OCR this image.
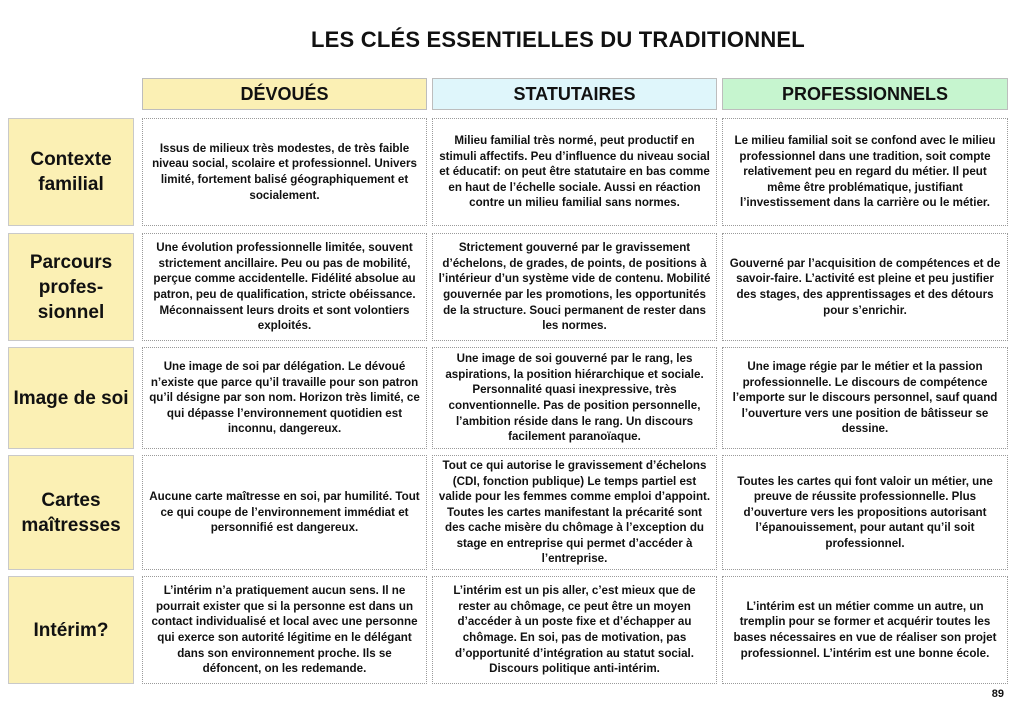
LES CLÉS ESSENTIELLES DU TRADITIONNEL
DÉVOUÉS	STATUTAIRES	PROFESSIONNELS
Contexte familial
Issus de milieux très modestes, de très faible niveau social, scolaire et professionnel. Univers limité, fortement balisé géographiquement et socialement.
Milieu familial très normé, peut productif en stimuli affectifs. Peu d’influence du niveau social et éducatif: on peut être statutaire en bas comme en haut de l’échelle sociale. Aussi en réaction contre un milieu familial sans normes.
Le milieu familial soit se confond avec le milieu professionnel dans une tradition, soit compte relativement peu en regard du métier. Il peut même être problématique, justifiant l’investissement dans la carrière ou le métier.
Parcours profes-sionnel
Une évolution professionnelle limitée, souvent strictement ancillaire. Peu ou pas de mobilité, perçue comme accidentelle. Fidélité absolue au patron, peu de qualification, stricte obéissance. Méconnaissent leurs droits et sont volontiers exploités.
Strictement gouverné par le gravissement d’échelons, de grades, de points, de positions à l’intérieur d’un système vide de contenu. Mobilité gouvernée par les promotions, les opportunités de la structure. Souci permanent de rester dans les normes.
Gouverné par l’acquisition de compétences et de savoir-faire. L’activité est pleine et peu justifier des stages, des apprentissages et des détours pour s’enrichir.
Image de soi
Une image de soi par délégation. Le dévoué n’existe que parce qu’il travaille pour son patron qu’il désigne par son nom. Horizon très limité, ce qui dépasse l’environnement quotidien est inconnu, dangereux.
Une image de soi gouverné par le rang, les aspirations, la position hiérarchique et sociale. Personnalité quasi inexpressive, très conventionnelle. Pas de position personnelle, l’ambition réside dans le rang. Un discours facilement paranoïaque.
Une image régie par le métier et la passion professionnelle. Le discours de compétence l’emporte sur le discours personnel, sauf quand l’ouverture vers une position de bâtisseur se dessine.
Cartes maîtresses
Aucune carte maîtresse en soi, par humilité. Tout ce qui coupe de l’environnement immédiat et personnifié est dangereux.
Tout ce qui autorise le gravissement d’échelons (CDI, fonction publique) Le temps partiel est valide pour les femmes comme emploi d’appoint. Toutes les cartes manifestant la précarité sont des cache misère du chômage à l’exception du stage en entreprise qui permet d’accéder à l’entreprise.
Toutes les cartes qui font valoir un métier, une preuve de réussite professionnelle. Plus d’ouverture vers les propositions autorisant l’épanouissement, pour autant qu’il soit professionnel.
Intérim?
L’intérim n’a pratiquement aucun sens. Il ne pourrait exister que si la personne est dans un contact individualisé et local avec une personne qui exerce son autorité légitime en le délégant dans son environnement proche. Ils se défoncent, on les redemande.
L’intérim est un pis aller, c’est mieux que de rester au chômage, ce peut être un moyen d’accéder à un poste fixe et d’échapper au chômage. En soi, pas de motivation, pas d’opportunité d’intégration au statut social. Discours politique anti-intérim.
L’intérim est un métier comme un autre, un tremplin pour se former et acquérir toutes les bases nécessaires en vue de réaliser son projet professionnel. L’intérim est une bonne école.
89
